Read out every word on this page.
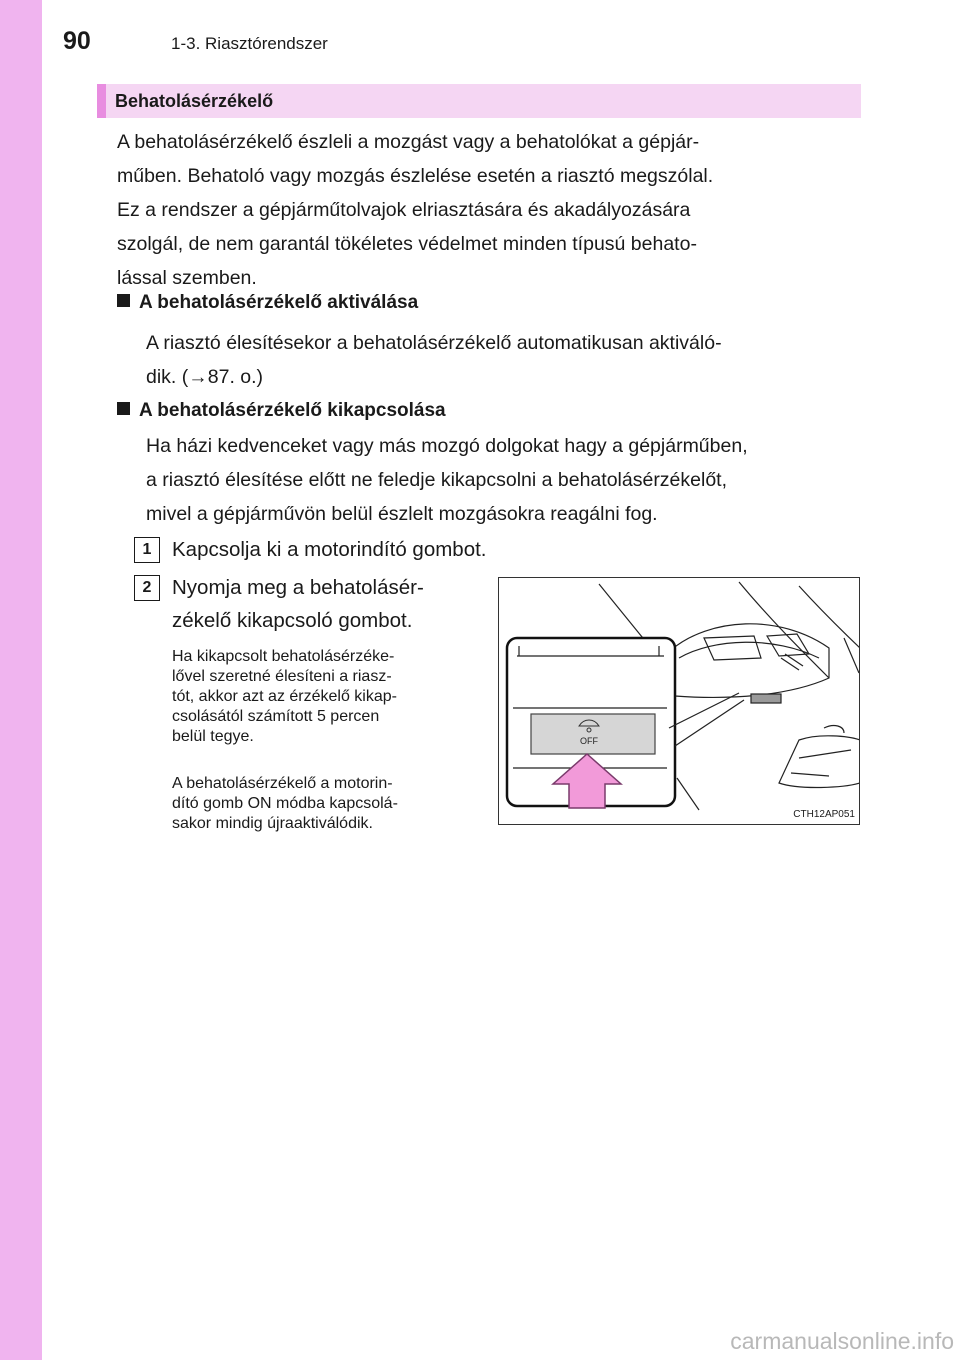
90	1-3. Riasztórendszer
Behatolásérzékelő

A behatolásérzékelő észleli a mozgást vagy a behatolókat a gépjár-
műben. Behatoló vagy mozgás észlelése esetén a riasztó megszólal.
Ez a rendszer a gépjárműtolvajok elriasztására és akadályozására
szolgál, de nem garantál tökéletes védelmet minden típusú behato-
lással szemben.

A behatolásérzékelő aktiválása

A riasztó élesítésekor a behatolásérzékelő automatikusan aktiváló-
dik. (→87. o.)

A behatolásérzékelő kikapcsolása

Ha házi kedvenceket vagy más mozgó dolgokat hagy a gépjárműben,
a riasztó élesítése előtt ne feledje kikapcsolni a behatolásérzékelőt,
mivel a gépjárművön belül észlelt mozgásokra reagálni fog.

1	Kapcsolja ki a motorindító gombot.

2	Nyomja meg a behatolásér-
zékelő kikapcsoló gombot.

Ha kikapcsolt behatolásérzéke-
lővel szeretné élesíteni a riasz-
tót, akkor azt az érzékelő kikap-
csolásától számított 5 percen
belül tegye.

A behatolásérzékelő a motorin-
dító gomb ON módba kapcsolá-
sakor mindig újraaktiválódik.

OFF
CTH12AP051
carmanualsonline.info
